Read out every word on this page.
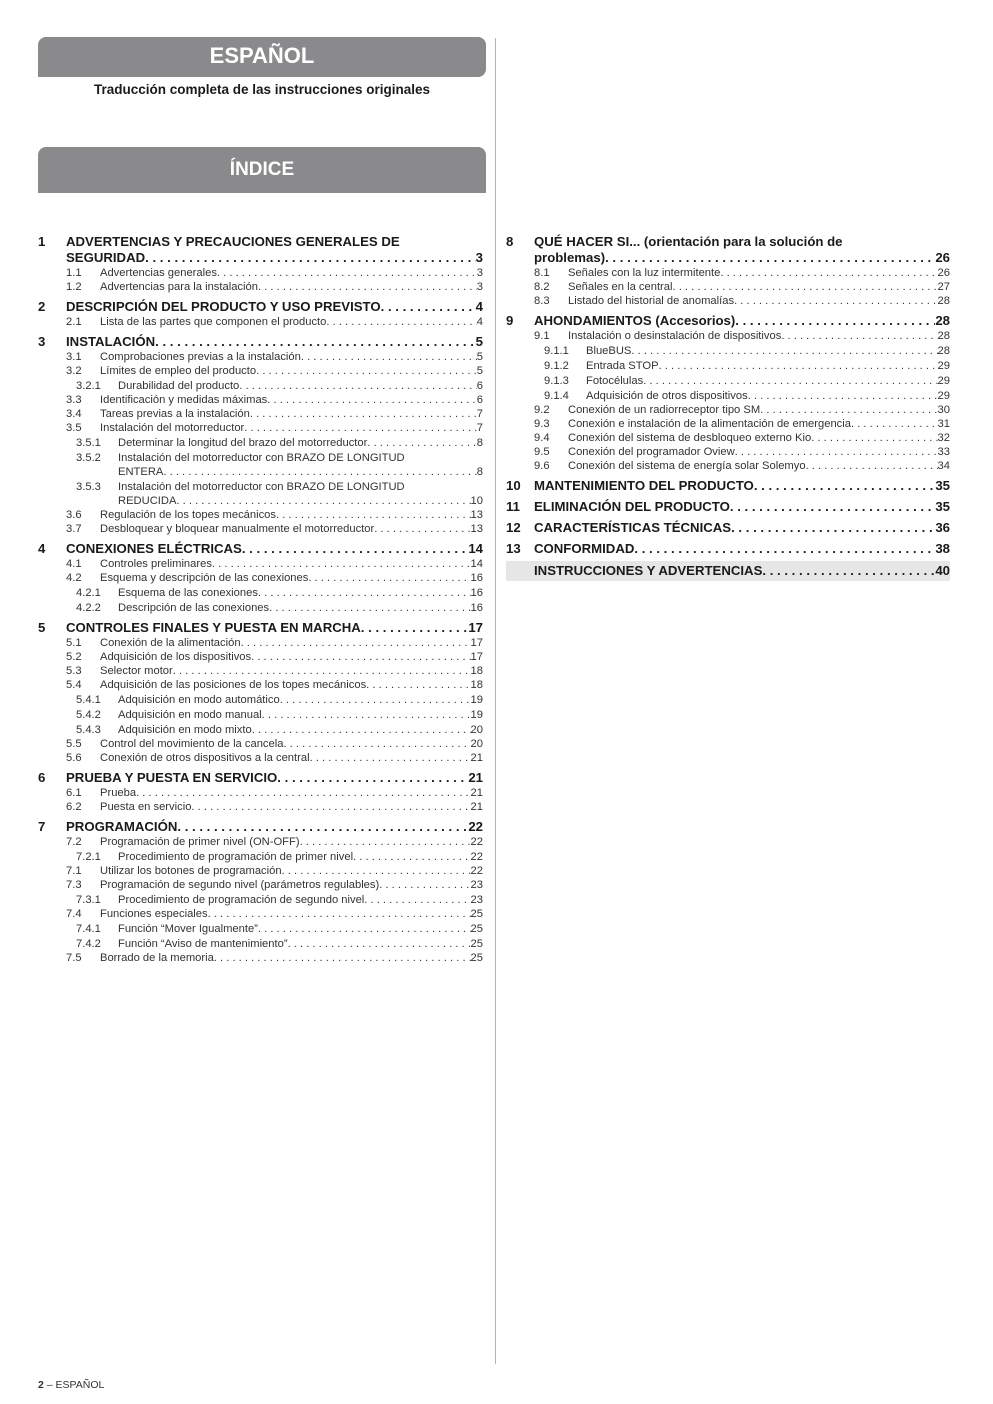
ESPAÑOL
Traducción completa de las instrucciones originales
ÍNDICE
1	ADVERTENCIAS Y PRECAUCIONES GENERALES DE
SEGURIDAD . . .	3
1.1	Advertencias generales . . .	3
1.2	Advertencias para la instalación . . .	3
2	DESCRIPCIÓN DEL PRODUCTO Y USO PREVISTO . . .	4
2.1	Lista de las partes que componen el producto . . .	4
3	INSTALACIÓN . . .	5
3.1	Comprobaciones previas a la instalación . . .	5
3.2	Límites de empleo del producto . . .	5
3.2.1	Durabilidad del producto . . .	6
3.3	Identificación y medidas máximas . . .	6
3.4	Tareas previas a la instalación . . .	7
3.5	Instalación del motorreductor . . .	7
3.5.1	Determinar la longitud del brazo del motorreductor . . .	8
3.5.2	Instalación del motorreductor con BRAZO DE LONGITUD
ENTERA . . .	8
3.5.3	Instalación del motorreductor con BRAZO DE LONGITUD
REDUCIDA . . .	10
3.6	Regulación de los topes mecánicos . . .	13
3.7	Desbloquear y bloquear manualmente el motorreductor . . .	13
4	CONEXIONES ELÉCTRICAS . . .	14
4.1	Controles preliminares . . .	14
4.2	Esquema y descripción de las conexiones . . .	16
4.2.1	Esquema de las conexiones . . .	16
4.2.2	Descripción de las conexiones . . .	16
5	CONTROLES FINALES Y PUESTA EN MARCHA . . .	17
5.1	Conexión de la alimentación . . .	17
5.2	Adquisición de los dispositivos . . .	17
5.3	Selector motor . . .	18
5.4	Adquisición de las posiciones de los topes mecánicos . . .	18
5.4.1	Adquisición en modo automático . . .	19
5.4.2	Adquisición en modo manual . . .	19
5.4.3	Adquisición en modo mixto . . .	20
5.5	Control del movimiento de la cancela . . .	20
5.6	Conexión de otros dispositivos a la central . . .	21
6	PRUEBA Y PUESTA EN SERVICIO . . .	21
6.1	Prueba . . .	21
6.2	Puesta en servicio . . .	21
7	PROGRAMACIÓN . . .	22
7.2	Programación de primer nivel (ON-OFF) . . .	22
7.2.1	Procedimiento de programación de primer nivel . . .	22
7.1	Utilizar los botones de programación . . .	22
7.3	Programación de segundo nivel (parámetros regulables) . . .	23
7.3.1	Procedimiento de programación de segundo nivel . . .	23
7.4	Funciones especiales . . .	25
7.4.1	Función “Mover Igualmente” . . .	25
7.4.2	Función “Aviso de mantenimiento” . . .	25
7.5	Borrado de la memoria . . .	25
8	QUÉ HACER SI... (orientación para la solución de
problemas) . . .	26
8.1	Señales con la luz intermitente . . .	26
8.2	Señales en la central . . .	27
8.3	Listado del historial de anomalías . . .	28
9	AHONDAMIENTOS (Accesorios) . . .	28
9.1	Instalación o desinstalación de dispositivos . . .	28
9.1.1	BlueBUS . . .	28
9.1.2	Entrada STOP . . .	29
9.1.3	Fotocélulas . . .	29
9.1.4	Adquisición de otros dispositivos . . .	29
9.2	Conexión de un radiorreceptor tipo SM . . .	30
9.3	Conexión e instalación de la alimentación de emergencia . . .	31
9.4	Conexión del sistema de desbloqueo externo Kio . . .	32
9.5	Conexión del programador Oview . . .	33
9.6	Conexión del sistema de energía solar Solemyo . . .	34
10	MANTENIMIENTO DEL PRODUCTO . . .	35
11	ELIMINACIÓN DEL PRODUCTO . . .	35
12	CARACTERÍSTICAS TÉCNICAS . . .	36
13	CONFORMIDAD . . .	38
INSTRUCCIONES Y ADVERTENCIAS . . .	40
2 – ESPAÑOL
